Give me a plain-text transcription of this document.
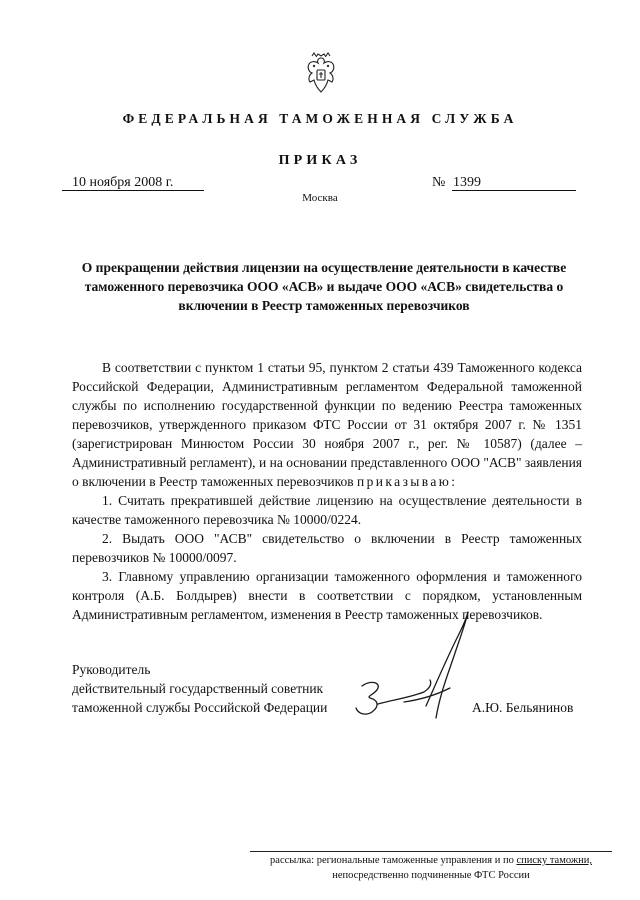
ФЕДЕРАЛЬНАЯ ТАМОЖЕННАЯ СЛУЖБА
ПРИКАЗ
10 ноября 2008 г.	№ 1399
Москва
О прекращении действия лицензии на осуществление деятельности в качестве таможенного перевозчика ООО «АСВ» и выдаче ООО «АСВ» свидетельства о включении в Реестр таможенных перевозчиков

В соответствии с пунктом 1 статьи 95, пунктом 2 статьи 439 Таможенного кодекса Российской Федерации, Административным регламентом Федеральной таможенной службы по исполнению государственной функции по ведению Реестра таможенных перевозчиков, утвержденного приказом ФТС России от 31 октября 2007 г. № 1351 (зарегистрирован Минюстом России 30 ноября 2007 г., рег. № 10587) (далее – Административный регламент), и на основании представленного ООО "АСВ" заявления о включении в Реестр таможенных перевозчиков приказываю:

1. Считать прекратившей действие лицензию на осуществление деятельности в качестве таможенного перевозчика № 10000/0224.

2. Выдать ООО "АСВ" свидетельство о включении в Реестр таможенных перевозчиков № 10000/0097.

3. Главному управлению организации таможенного оформления и таможенного контроля (А.Б. Болдырев) внести в соответствии с порядком, установленным Административным регламентом, изменения в Реестр таможенных перевозчиков.

Руководитель
действительный государственный советник
таможенной службы Российской Федерации	А.Ю. Бельянинов
рассылка: региональные таможенные управления и по списку таможни,
непосредственно подчиненные ФТС России
